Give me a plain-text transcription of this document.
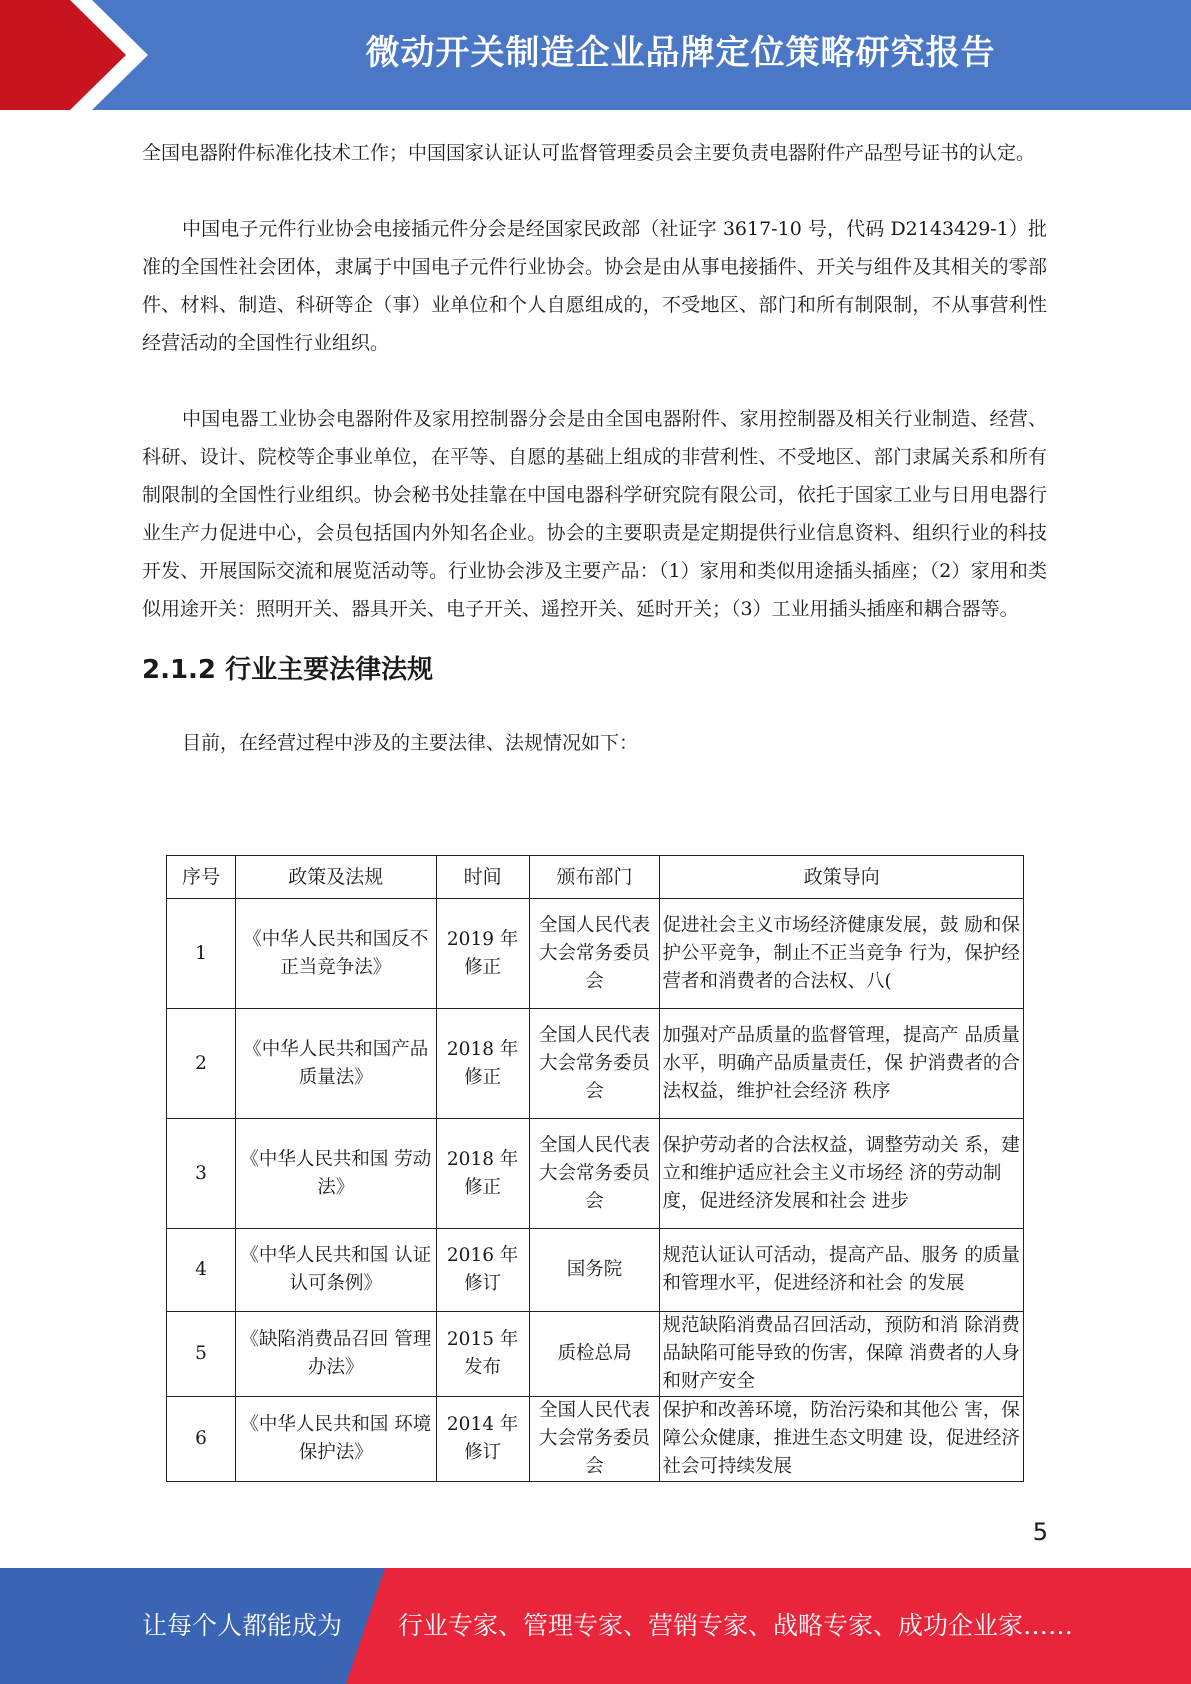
微动开关制造企业品牌定位策略研究报告

全国电器附件标准化技术工作；中国国家认证认可监督管理委员会主要负责电器附件产品型号证书的认定。

中国电子元件行业协会电接插元件分会是经国家民政部（社证字 3617-10 号，代码 D2143429-1）批准的全国性社会团体，隶属于中国电子元件行业协会。协会是由从事电接插件、开关与组件及其相关的零部件、材料、制造、科研等企（事）业单位和个人自愿组成的，不受地区、部门和所有制限制，不从事营利性经营活动的全国性行业组织。

中国电器工业协会电器附件及家用控制器分会是由全国电器附件、家用控制器及相关行业制造、经营、科研、设计、院校等企事业单位，在平等、自愿的基础上组成的非营利性、不受地区、部门隶属关系和所有制限制的全国性行业组织。协会秘书处挂靠在中国电器科学研究院有限公司，依托于国家工业与日用电器行业生产力促进中心，会员包括国内外知名企业。协会的主要职责是定期提供行业信息资料、组织行业的科技开发、开展国际交流和展览活动等。行业协会涉及主要产品：（1）家用和类似用途插头插座；（2）家用和类似用途开关：照明开关、器具开关、电子开关、遥控开关、延时开关；（3）工业用插头插座和耦合器等。

2.1.2 行业主要法律法规

目前，在经营过程中涉及的主要法律、法规情况如下：

序号	政策及法规	时间	颁布部门	政策导向
1	《中华人民共和国反不正当竞争法》	2019 年修正	全国人民代表大会常务委员会	促进社会主义市场经济健康发展，鼓 励和保护公平竞争，制止不正当竞争 行为，保护经营者和消费者的合法权、八(
2	《中华人民共和国产品质量法》	2018 年修正	全国人民代表大会常务委员会	加强对产品质量的监督管理，提高产 品质量水平，明确产品质量责任，保 护消费者的合法权益，维护社会经济 秩序
3	《中华人民共和国 劳动法》	2018 年修正	全国人民代表大会常务委员会	保护劳动者的合法权益，调整劳动关 系，建立和维护适应社会主义市场经 济的劳动制度，促进经济发展和社会 进步
4	《中华人民共和国 认证认可条例》	2016 年修订	国务院	规范认证认可活动，提高产品、服务 的质量和管理水平，促进经济和社会 的发展
5	《缺陷消费品召回 管理办法》	2015 年发布	质检总局	规范缺陷消费品召回活动，预防和消 除消费品缺陷可能导致的伤害，保障 消费者的人身和财产安全
6	《中华人民共和国 环境保护法》	2014 年修订	全国人民代表大会常务委员会	保护和改善环境，防治污染和其他公 害，保障公众健康，推进生态文明建 设，促进经济社会可持续发展
5
让每个人都能成为 行业专家、管理专家、营销专家、战略专家、成功企业家……
